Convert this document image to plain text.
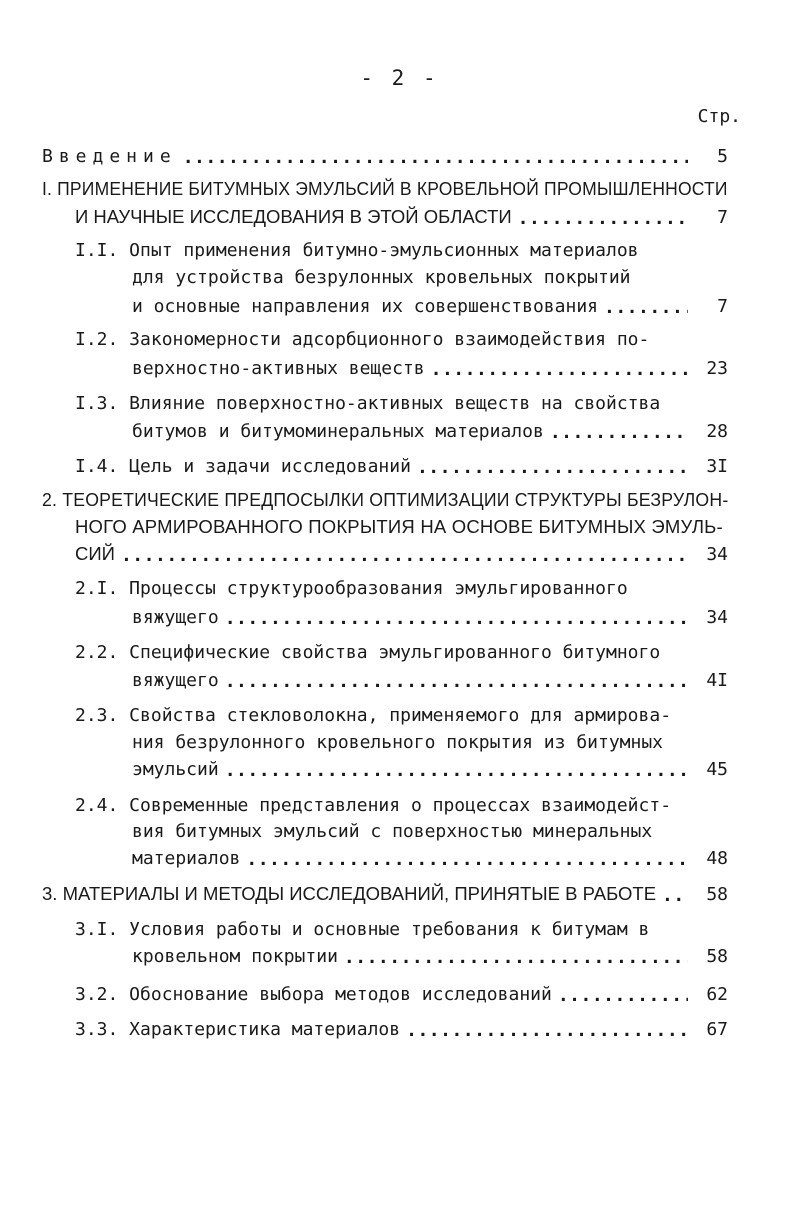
- 2 -
Стр.
Введение .....	5
I. ПРИМЕНЕНИЕ БИТУМНЫХ ЭМУЛЬСИЙ В КРОВЕЛЬНОЙ ПРОМЫШЛЕННОСТИ
И НАУЧНЫЕ ИССЛЕДОВАНИЯ В ЭТОЙ ОБЛАСТИ .....	7
I.I. Опыт применения битумно-эмульсионных материалов
для устройства безрулонных кровельных покрытий
и основные направления их совершенствования .....	7
I.2. Закономерности адсорбционного взаимодействия по-
верхностно-активных веществ .....	23
I.3. Влияние поверхностно-активных веществ на свойства
битумов и битумоминеральных материалов .....	28
I.4. Цель и задачи исследований .....	3I
2. ТЕОРЕТИЧЕСКИЕ ПРЕДПОСЫЛКИ ОПТИМИЗАЦИИ СТРУКТУРЫ БЕЗРУЛОН-
НОГО АРМИРОВАННОГО ПОКРЫТИЯ НА ОСНОВЕ БИТУМНЫХ ЭМУЛЬ-
СИЙ .....	34
2.I. Процессы структурообразования эмульгированного
вяжущего .....	34
2.2. Специфические свойства эмульгированного битумного
вяжущего .....	4I
2.3. Свойства стекловолокна, применяемого для армирова-
ния безрулонного кровельного покрытия из битумных
эмульсий .....	45
2.4. Современные представления о процессах взаимодейст-
вия битумных эмульсий с поверхностью минеральных
материалов .....	48
3. МАТЕРИАЛЫ И МЕТОДЫ ИССЛЕДОВАНИЙ, ПРИНЯТЫЕ В РАБОТЕ .....	58
3.I. Условия работы и основные требования к битумам в
кровельном покрытии .....	58
3.2. Обоснование выбора методов исследований .....	62
3.3. Характеристика материалов .....	67
